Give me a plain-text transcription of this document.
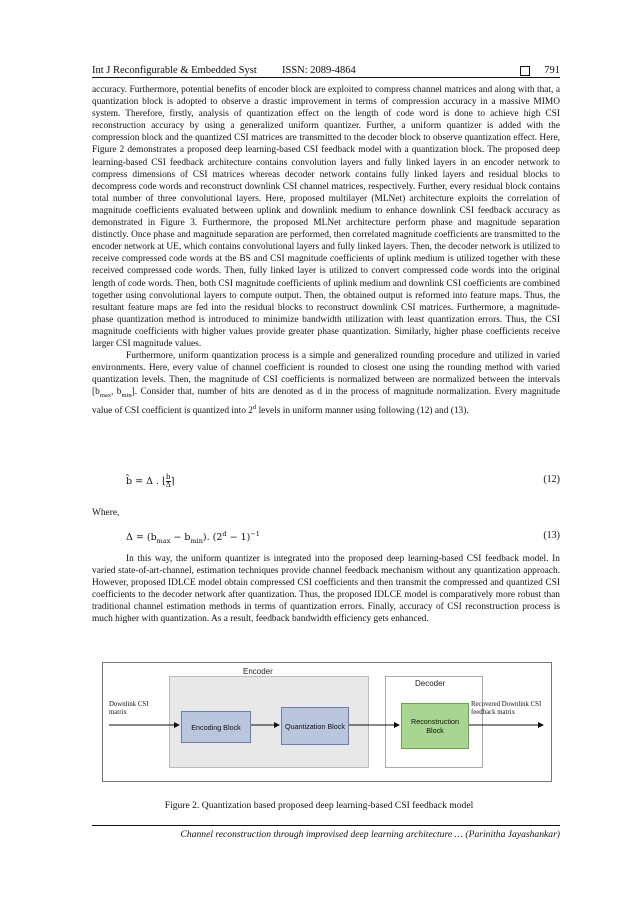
Int J Reconfigurable & Embedded Syst ISSN: 2089-4864	791

accuracy. Furthermore, potential benefits of encoder block are exploited to compress channel matrices and along with that, a quantization block is adopted to observe a drastic improvement in terms of compression accuracy in a massive MIMO system. Therefore, firstly, analysis of quantization effect on the length of code word is done to achieve high CSI reconstruction accuracy by using a generalized uniform quantizer. Further, a uniform quantizer is added with the compression block and the quantized CSI matrices are transmitted to the decoder block to observe quantization effect. Here, Figure 2 demonstrates a proposed deep learning-based CSI feedback model with a quantization block. The proposed deep learning-based CSI feedback architecture contains convolution layers and fully linked layers in an encoder network to compress dimensions of CSI matrices whereas decoder network contains fully linked layers and residual blocks to decompress code words and reconstruct downlink CSI channel matrices, respectively. Further, every residual block contains total number of three convolutional layers. Here, proposed multilayer (MLNet) architecture exploits the correlation of magnitude coefficients evaluated between uplink and downlink medium to enhance downlink CSI feedback accuracy as demonstrated in Figure 3. Furthermore, the proposed MLNet architecture perform phase and magnitude separation distinctly. Once phase and magnitude separation are performed, then correlated magnitude coefficients are transmitted to the encoder network at UE, which contains convolutional layers and fully linked layers. Then, the decoder network is utilized to receive compressed code words at the BS and CSI magnitude coefficients of uplink medium is utilized together with these received compressed code words. Then, fully linked layer is utilized to convert compressed code words into the original length of code words. Then, both CSI magnitude coefficients of uplink medium and downlink CSI coefficients are combined together using convolutional layers to compute output. Then, the obtained output is reformed into feature maps. Thus, the resultant feature maps are fed into the residual blocks to reconstruct downlink CSI matrices. Furthermore, a magnitude-phase quantization method is introduced to minimize bandwidth utilization with least quantization errors. Thus, the CSI magnitude coefficients with higher values provide greater phase quantization. Similarly, higher phase coefficients receive larger CSI magnitude values.

Furthermore, uniform quantization process is a simple and generalized rounding procedure and utilized in varied environments. Here, every value of channel coefficient is rounded to closest one using the rounding method with varied quantization levels. Then, the magnitude of CSI coefficients is normalized between are normalized between the intervals [$b_{max}$, $b_{min}$]. Consider that, number of bits are denoted as d in the process of magnitude normalization. Every magnitude value of CSI coefficient is quantized into 2$^d$ levels in uniform manner using following (12) and (13).

b̂ = Δ . ⌊ $\frac{b}{\Delta}$ ⌉	(12)
Where,
$\Delta = (b_{max} - b_{min})$. $(2^d - 1)^{-1}$	(13)

In this way, the uniform quantizer is integrated into the proposed deep learning-based CSI feedback model. In varied state-of-art-channel, estimation techniques provide channel feedback mechanism without any quantization approach. However, proposed IDLCE model obtain compressed CSI coefficients and then transmit the compressed and quantized CSI coefficients to the decoder network after quantization. Thus, the proposed IDLCE model is comparatively more robust than traditional channel estimation methods in terms of quantization errors. Finally, accuracy of CSI reconstruction process is much higher with quantization. As a result, feedback bandwidth efficiency gets enhanced.

Encoder
Decoder
Downlink CSI matrix
Encoding Block	Quantization Block	Reconstruction Block
Recovered Downlink CSI feedback matrix
Figure 2. Quantization based proposed deep learning-based CSI feedback model
Channel reconstruction through improvised deep learning architecture … (Parinitha Jayashankar)
